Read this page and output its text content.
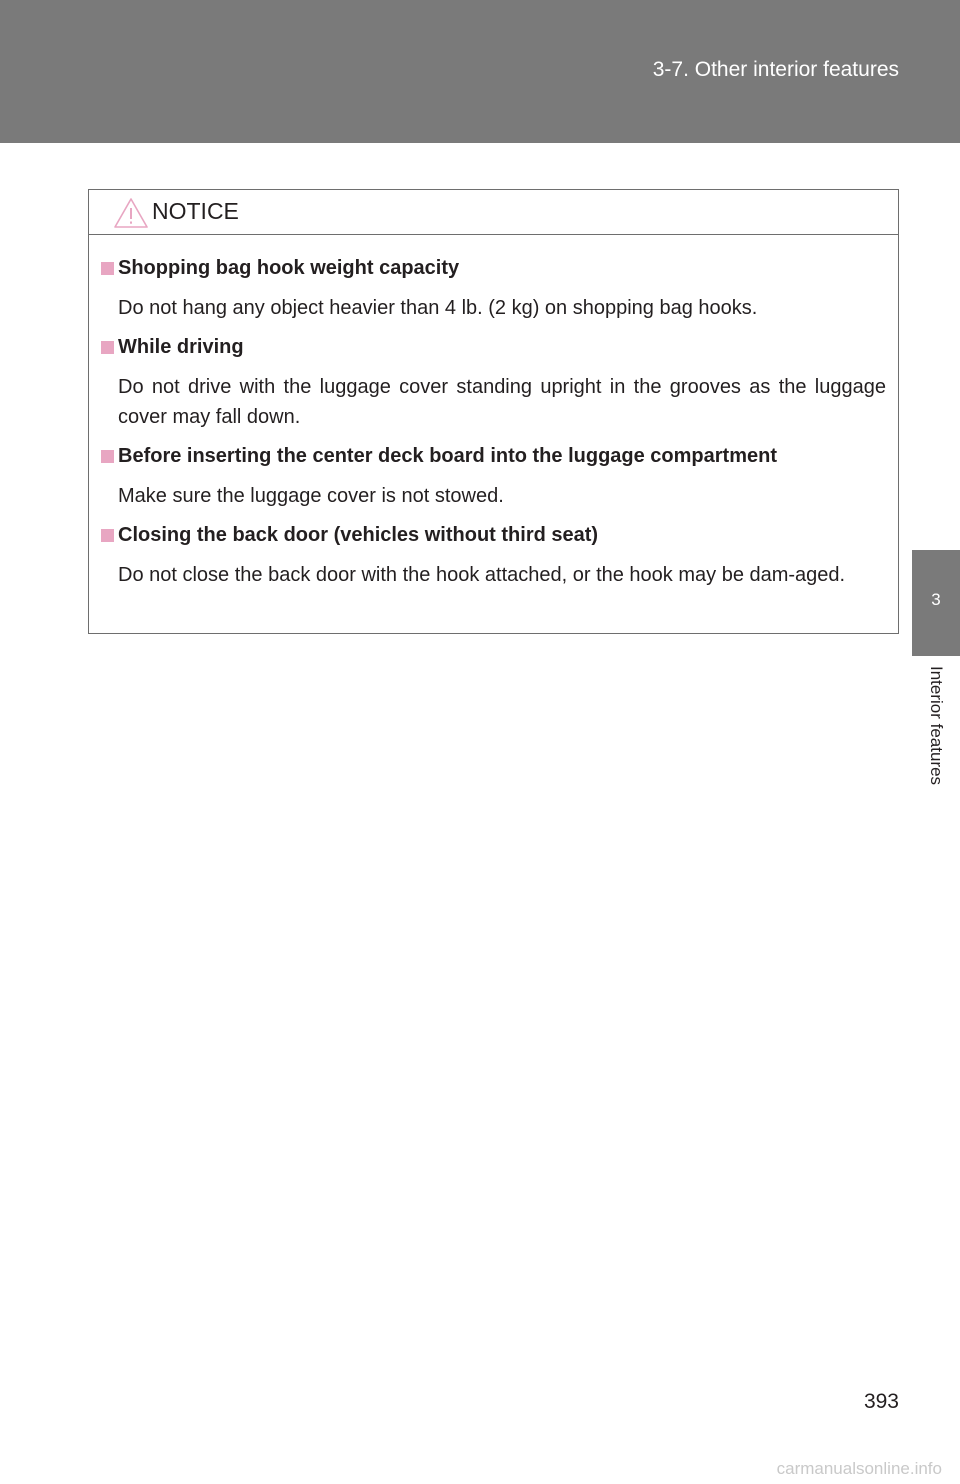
3-7. Other interior features
3
Interior features
NOTICE
Shopping bag hook weight capacity
Do not hang any object heavier than 4 lb. (2 kg) on shopping bag hooks.
While driving
Do not drive with the luggage cover standing upright in the grooves as the luggage cover may fall down.
Before inserting the center deck board into the luggage compartment
Make sure the luggage cover is not stowed.
Closing the back door (vehicles without third seat)
Do not close the back door with the hook attached, or the hook may be dam-aged.
393
carmanualsonline.info
